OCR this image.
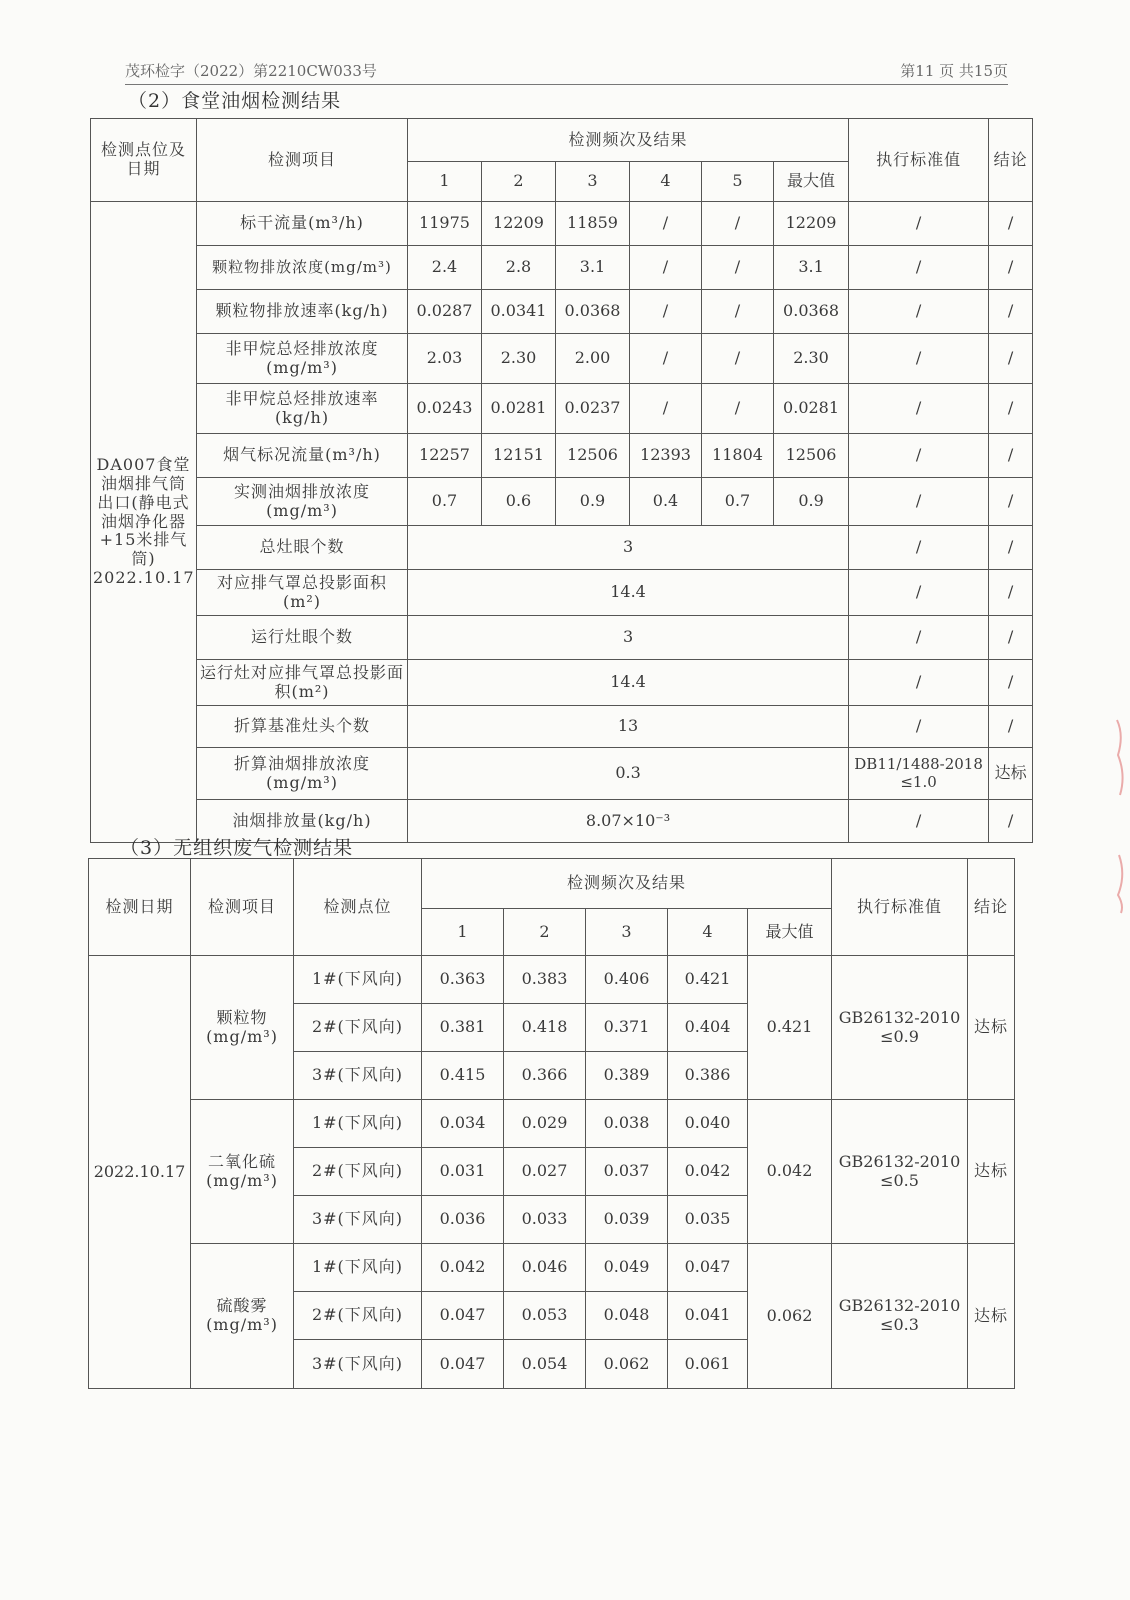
茂环检字（2022）第2210CW033号	第11 页 共15页
（2）食堂油烟检测结果
检测点位及日期	检测项目	检测频次及结果						执行标准值	结论
		1	2	3	4	5	最大值		
DA007食堂油烟排气筒出口(静电式油烟净化器+15米排气筒) 2022.10.17	标干流量(m³/h)	11975	12209	11859	/	/	12209	/	/
	颗粒物排放浓度(mg/m³)	2.4	2.8	3.1	/	/	3.1	/	/
	颗粒物排放速率(kg/h)	0.0287	0.0341	0.0368	/	/	0.0368	/	/
	非甲烷总烃排放浓度(mg/m³)	2.03	2.30	2.00	/	/	2.30	/	/
	非甲烷总烃排放速率(kg/h)	0.0243	0.0281	0.0237	/	/	0.0281	/	/
	烟气标况流量(m³/h)	12257	12151	12506	12393	11804	12506	/	/
	实测油烟排放浓度(mg/m³)	0.7	0.6	0.9	0.4	0.7	0.9	/	/
	总灶眼个数	3						/	/
	对应排气罩总投影面积(m²)	14.4						/	/
	运行灶眼个数	3						/	/
	运行灶对应排气罩总投影面积(m²)	14.4						/	/
	折算基准灶头个数	13						/	/
	折算油烟排放浓度(mg/m³)	0.3						DB11/1488-2018 ≤1.0	达标
	油烟排放量(kg/h)	8.07×10⁻³						/	/
（3）无组织废气检测结果
检测日期	检测项目	检测点位	检测频次及结果					执行标准值	结论
			1	2	3	4	最大值		
2022.10.17	颗粒物(mg/m³)	1#(下风向)	0.363	0.383	0.406	0.421	0.421	GB26132-2010 ≤0.9	达标
		2#(下风向)	0.381	0.418	0.371	0.404			
		3#(下风向)	0.415	0.366	0.389	0.386			
	二氧化硫(mg/m³)	1#(下风向)	0.034	0.029	0.038	0.040	0.042	GB26132-2010 ≤0.5	达标
		2#(下风向)	0.031	0.027	0.037	0.042			
		3#(下风向)	0.036	0.033	0.039	0.035			
	硫酸雾(mg/m³)	1#(下风向)	0.042	0.046	0.049	0.047	0.062	GB26132-2010 ≤0.3	达标
		2#(下风向)	0.047	0.053	0.048	0.041			
		3#(下风向)	0.047	0.054	0.062	0.061			
